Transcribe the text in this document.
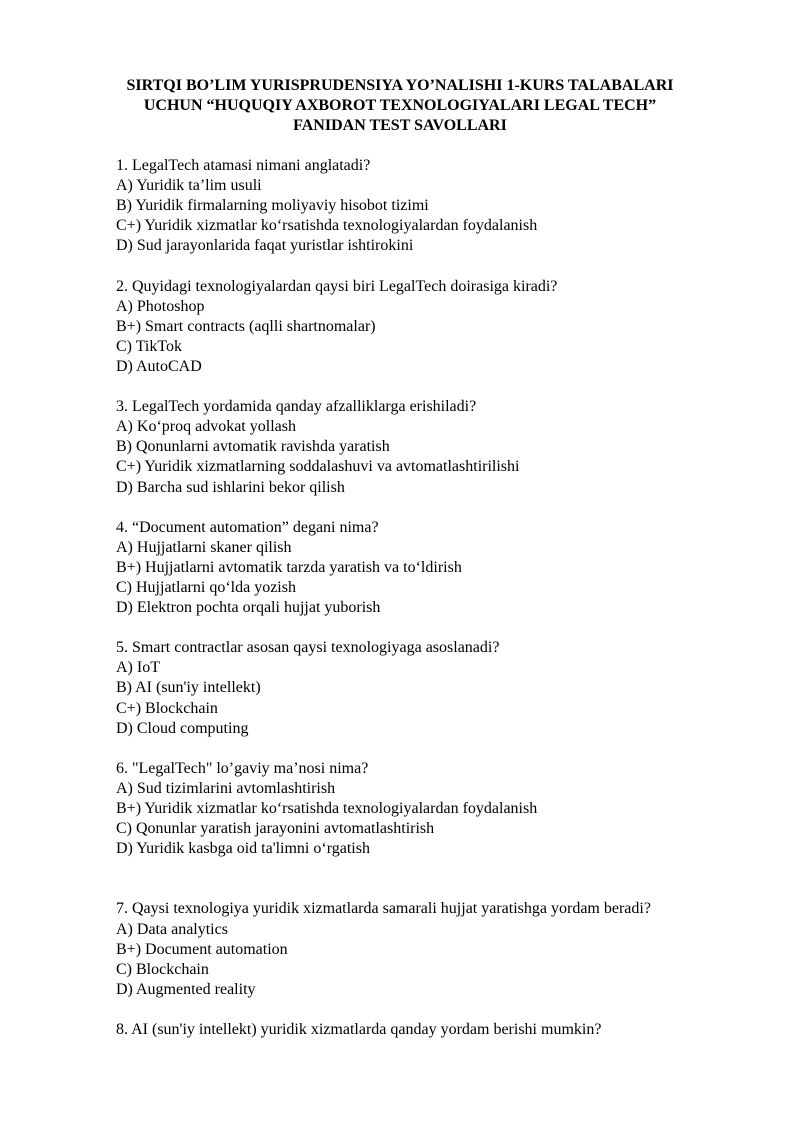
SIRTQI BO’LIM YURISPRUDENSIYA YO’NALISHI 1-KURS TALABALARI
UCHUN “HUQUQIY AXBOROT TEXNOLOGIYALARI LEGAL TECH”
FANIDAN TEST SAVOLLARI
1. LegalTech atamasi nimani anglatadi?
A) Yuridik ta’lim usuli
B) Yuridik firmalarning moliyaviy hisobot tizimi
C+) Yuridik xizmatlar ko‘rsatishda texnologiyalardan foydalanish
D) Sud jarayonlarida faqat yuristlar ishtirokini
2. Quyidagi texnologiyalardan qaysi biri LegalTech doirasiga kiradi?
A) Photoshop
B+) Smart contracts (aqlli shartnomalar)
C) TikTok
D) AutoCAD
3. LegalTech yordamida qanday afzalliklarga erishiladi?
A) Ko‘proq advokat yollash
B) Qonunlarni avtomatik ravishda yaratish
C+) Yuridik xizmatlarning soddalashuvi va avtomatlashtirilishi
D) Barcha sud ishlarini bekor qilish
4. “Document automation” degani nima?
A) Hujjatlarni skaner qilish
B+) Hujjatlarni avtomatik tarzda yaratish va to‘ldirish
C) Hujjatlarni qo‘lda yozish
D) Elektron pochta orqali hujjat yuborish
5. Smart contractlar asosan qaysi texnologiyaga asoslanadi?
A) IoT
B) AI (sun'iy intellekt)
C+) Blockchain
D) Cloud computing
6. "LegalTech" lo’gaviy ma’nosi nima?
A) Sud tizimlarini avtomlashtirish
B+) Yuridik xizmatlar ko‘rsatishda texnologiyalardan foydalanish
C) Qonunlar yaratish jarayonini avtomatlashtirish
D) Yuridik kasbga oid ta'limni o‘rgatish
7. Qaysi texnologiya yuridik xizmatlarda samarali hujjat yaratishga yordam beradi?
A) Data analytics
B+) Document automation
C) Blockchain
D) Augmented reality
8. AI (sun'iy intellekt) yuridik xizmatlarda qanday yordam berishi mumkin?
